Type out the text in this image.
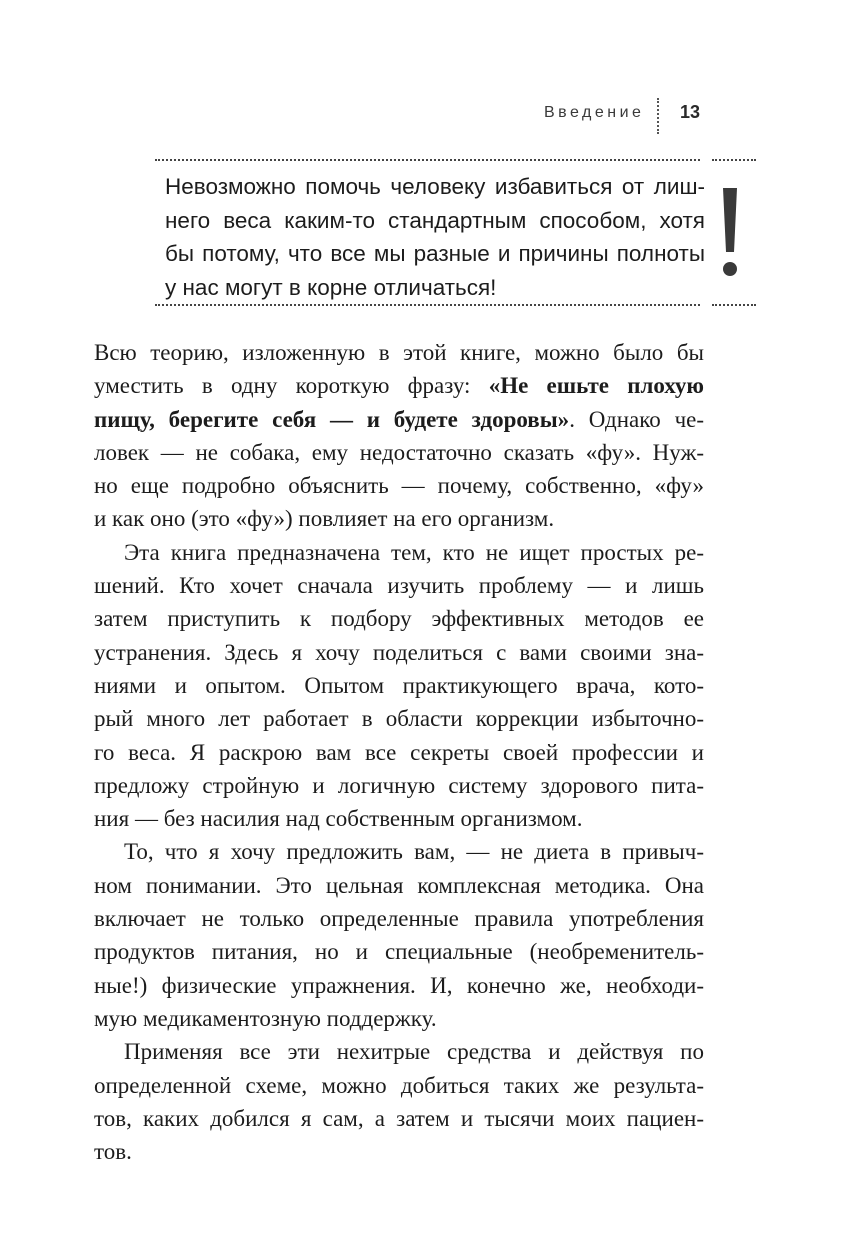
Введение 13
Невозможно помочь человеку избавиться от лиш-
него веса каким-то стандартным способом, хотя
бы потому, что все мы разные и причины полноты
у нас могут в корне отличаться!
Всю теорию, изложенную в этой книге, можно было бы
уместить в одну короткую фразу: «Не ешьте плохую
пищу, берегите себя — и будете здоровы». Однако че-
ловек — не собака, ему недостаточно сказать «фу». Нуж-
но еще подробно объяснить — почему, собственно, «фу»
и как оно (это «фу») повлияет на его организм.
Эта книга предназначена тем, кто не ищет простых ре-
шений. Кто хочет сначала изучить проблему — и лишь
затем приступить к подбору эффективных методов ее
устранения. Здесь я хочу поделиться с вами своими зна-
ниями и опытом. Опытом практикующего врача, кото-
рый много лет работает в области коррекции избыточно-
го веса. Я раскрою вам все секреты своей профессии и
предложу стройную и логичную систему здорового пита-
ния — без насилия над собственным организмом.
То, что я хочу предложить вам, — не диета в привыч-
ном понимании. Это цельная комплексная методика. Она
включает не только определенные правила употребления
продуктов питания, но и специальные (необременитель-
ные!) физические упражнения. И, конечно же, необходи-
мую медикаментозную поддержку.
Применяя все эти нехитрые средства и действуя по
определенной схеме, можно добиться таких же результа-
тов, каких добился я сам, а затем и тысячи моих пациен-
тов.
